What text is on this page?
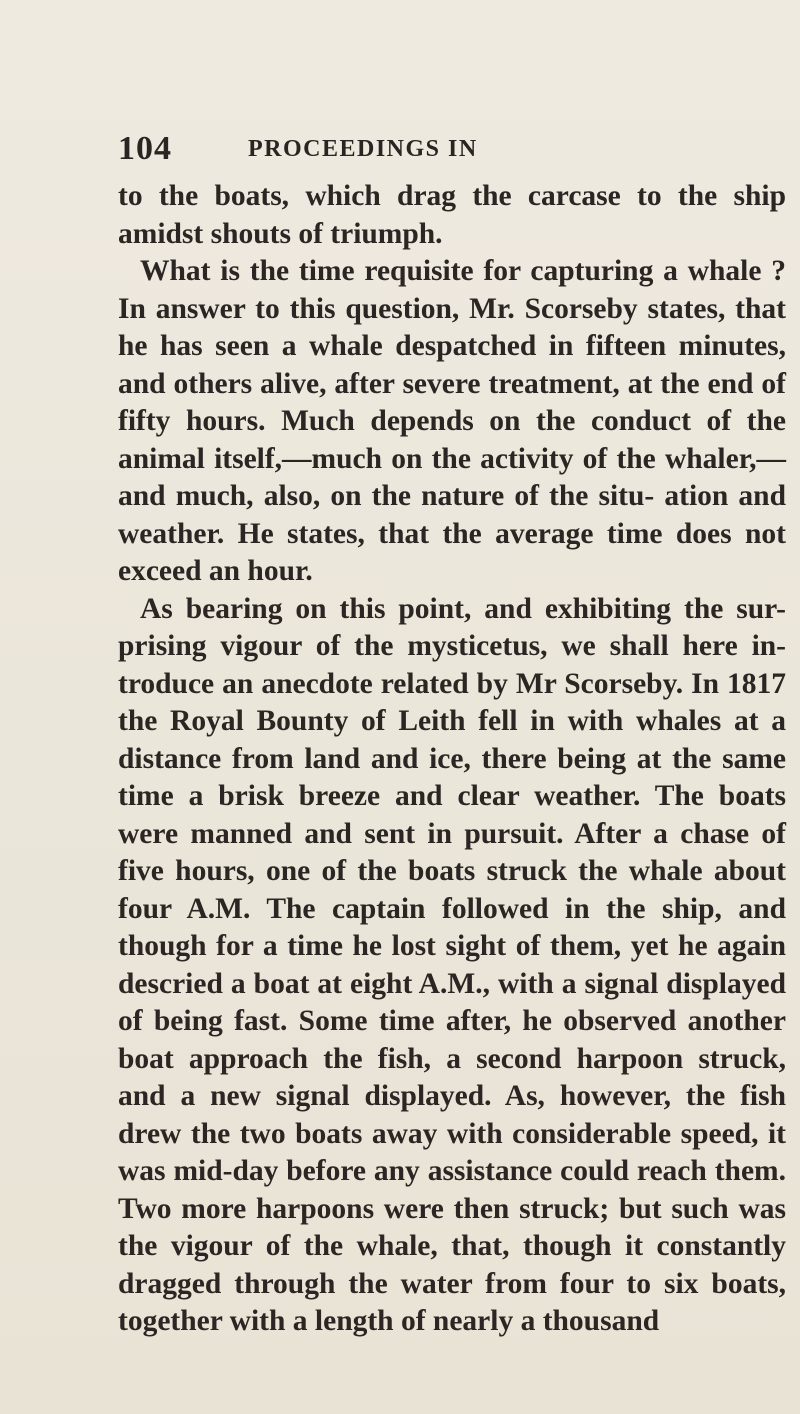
104	PROCEEDINGS IN

to the boats, which drag the carcase to the ship amidst shouts of triumph.

What is the time requisite for capturing a whale ? In answer to this question, Mr. Scorseby states, that he has seen a whale despatched in fifteen minutes, and others alive, after severe treatment, at the end of fifty hours. Much depends on the conduct of the animal itself,—much on the activity of the whaler,—and much, also, on the nature of the situ- ation and weather. He states, that the average time does not exceed an hour.

As bearing on this point, and exhibiting the sur- prising vigour of the mysticetus, we shall here in- troduce an anecdote related by Mr Scorseby. In 1817 the Royal Bounty of Leith fell in with whales at a distance from land and ice, there being at the same time a brisk breeze and clear weather. The boats were manned and sent in pursuit. After a chase of five hours, one of the boats struck the whale about four A.M. The captain followed in the ship, and though for a time he lost sight of them, yet he again descried a boat at eight A.M., with a signal displayed of being fast. Some time after, he observed another boat approach the fish, a second harpoon struck, and a new signal displayed. As, however, the fish drew the two boats away with considerable speed, it was mid-day before any assistance could reach them. Two more harpoons were then struck; but such was the vigour of the whale, that, though it constantly dragged through the water from four to six boats, together with a length of nearly a thousand
